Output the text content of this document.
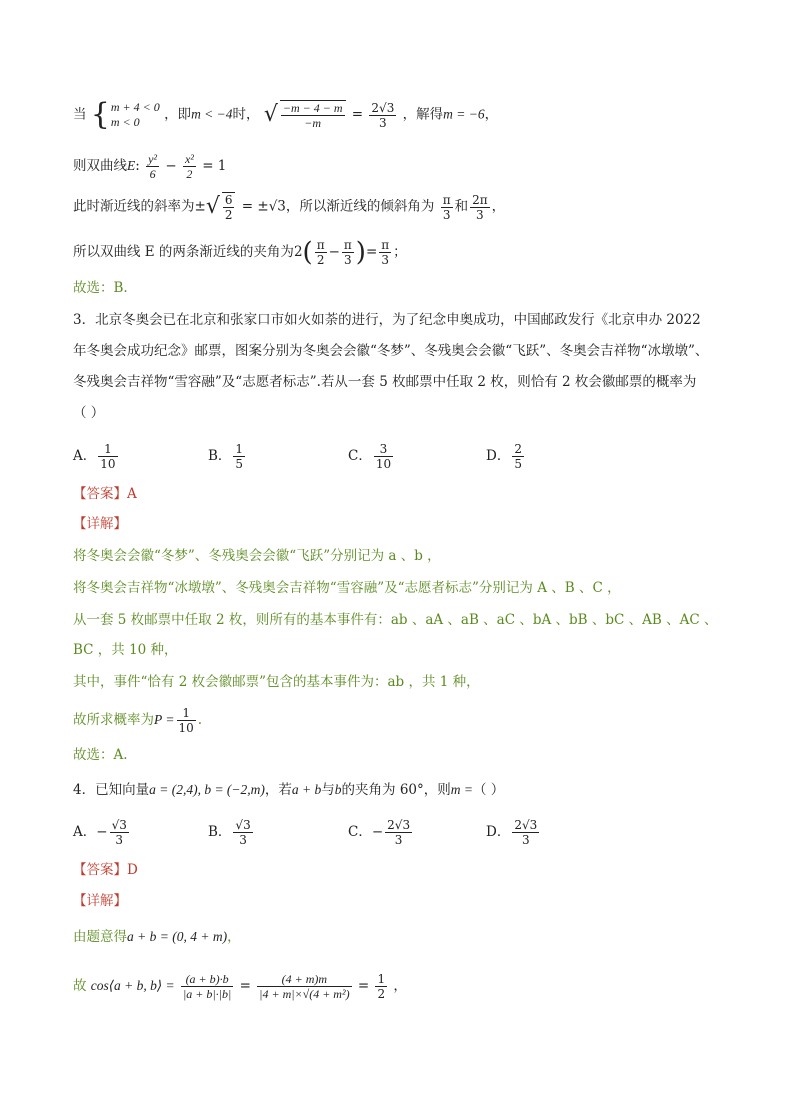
当 { m + 4 < 0
m < 0	，即m < −4时， √ $\frac{-m - 4 - m}{-m} = \frac{2√3}{3}$ ，解得m = −6，
则双曲线E: $\frac{\text{y²}}{6} - \frac{\text{x²}}{2} = 1$
此时渐近线的斜率为±√ $\frac{6}{2} = \pm√3$，所以渐近线的倾斜角为 $\frac{\pi}{3}$ 和 $\frac{2\pi}{3}$ ，
所以双曲线 E 的两条渐近线的夹角为$2( \frac{\pi}{2} - \frac{\pi}{3}$ )= $\frac{\pi}{3}$ ；
故选：B.
3．北京冬奥会已在北京和张家口市如火如荼的进行，为了纪念申奥成功，中国邮政发行《北京申办 2022
年冬奥会成功纪念》邮票，图案分别为冬奥会会徽“冬梦”、冬残奥会会徽“飞跃”、冬奥会吉祥物“冰墩墩”、
冬残奥会吉祥物“雪容融”及“志愿者标志”.若从一套 5 枚邮票中任取 2 枚，则恰有 2 枚会徽邮票的概率为
（ ）
A． $\frac{1}{10}$	B． $\frac{1}{5}$	C． $\frac{3}{10}$	D． $\frac{2}{5}$
【答案】A
【详解】
将冬奥会会徽“冬梦”、冬残奥会会徽“飞跃”分别记为 a 、b ，
将冬奥会吉祥物“冰墩墩”、冬残奥会吉祥物“雪容融”及“志愿者标志”分别记为 A 、B 、C ，
从一套 5 枚邮票中任取 2 枚，则所有的基本事件有：ab 、aA 、aB 、aC 、bA 、bB 、bC 、AB 、AC 、
BC ，共 10 种，
其中，事件“恰有 2 枚会徽邮票”包含的基本事件为：ab ，共 1 种，
故所求概率为$P = \frac{1}{10}$ .
故选：A.
4．已知向量a = (2,4), b = (−2,m)，若a + b与b的夹角为 60°，则m =（ ）
A．− $\frac{√3}{3}$	B． $\frac{√3}{3}$	C．− $\frac{2√3}{3}$	D． $\frac{2√3}{3}$
【答案】D
【详解】
由题意得a + b = (0, 4 + m)，
故 cos⟨a + b, b⟩ = $\frac{(a + b)\cdot b}{|a + b|\cdot|b|} = \frac{(4 + m)m}{\text{|4 + m|×√(4 + m²)}} = \frac{1}{2}$ ，
